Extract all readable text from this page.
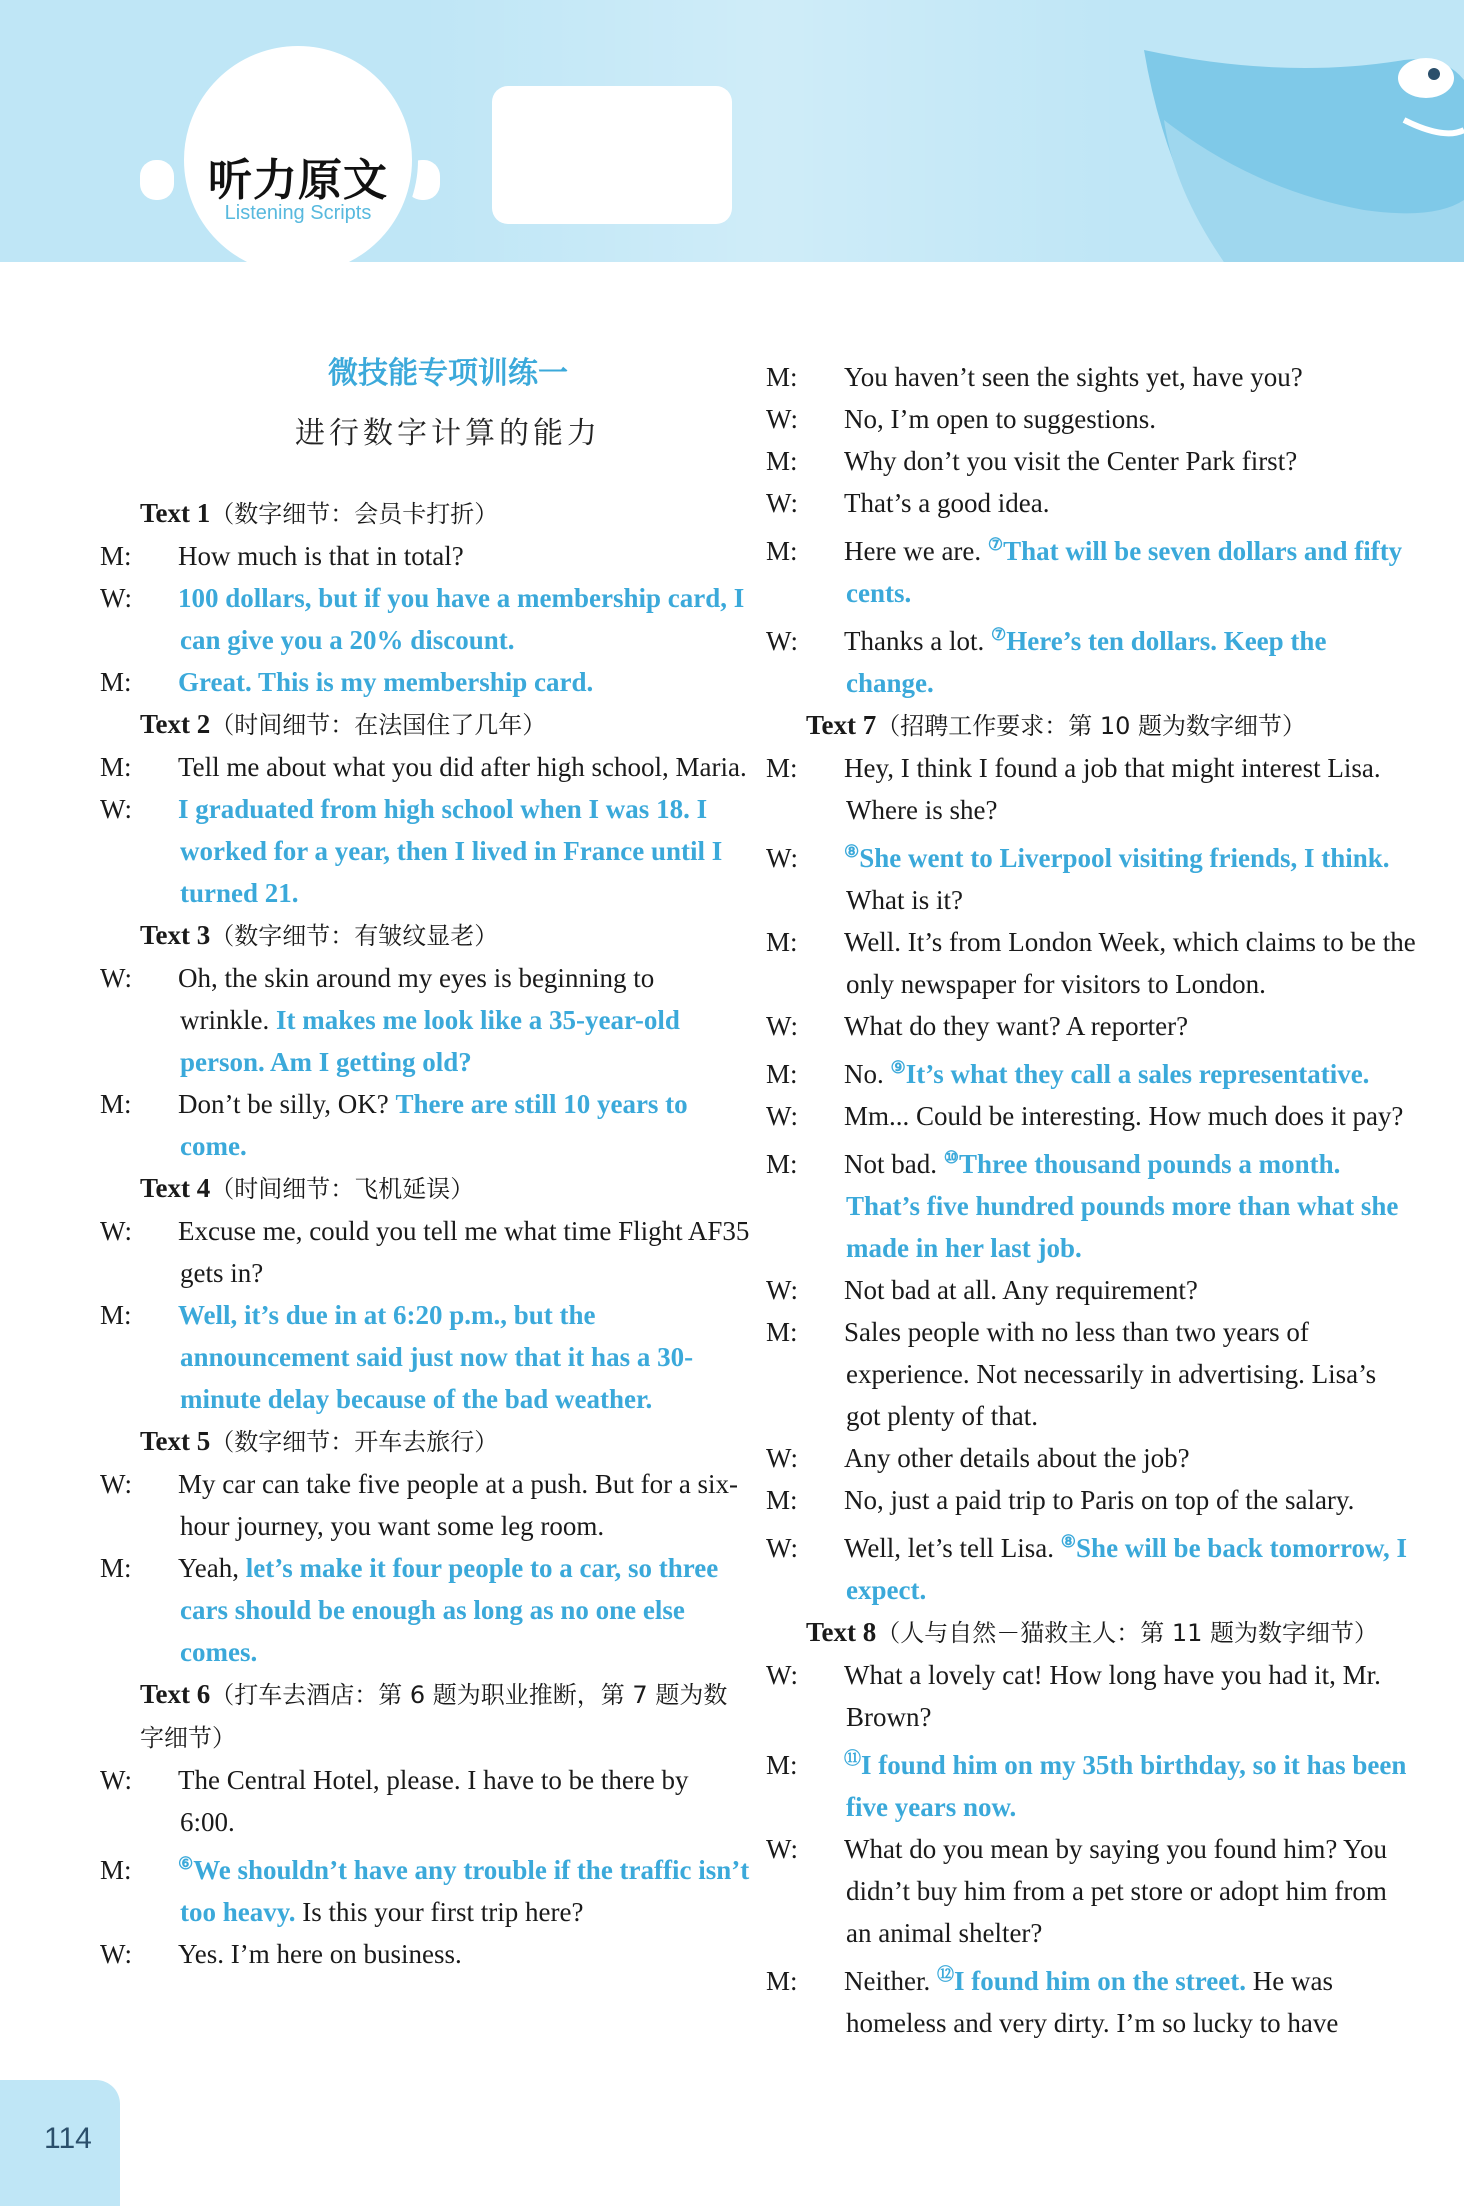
听力原文
Listening Scripts
微技能专项训练一
进行数字计算的能力
Text 1（数字细节：会员卡打折）
M: How much is that in total?
W: 100 dollars, but if you have a membership card, I can give you a 20% discount.
M: Great. This is my membership card.
Text 2（时间细节：在法国住了几年）
M: Tell me about what you did after high school, Maria.
W: I graduated from high school when I was 18. I worked for a year, then I lived in France until I turned 21.
Text 3（数字细节：有皱纹显老）
W: Oh, the skin around my eyes is beginning to wrinkle. It makes me look like a 35-year-old person. Am I getting old?
M: Don’t be silly, OK? There are still 10 years to come.
Text 4（时间细节：飞机延误）
W: Excuse me, could you tell me what time Flight AF35 gets in?
M: Well, it’s due in at 6:20 p.m., but the announcement said just now that it has a 30-minute delay because of the bad weather.
Text 5（数字细节：开车去旅行）
W: My car can take five people at a push. But for a six-hour journey, you want some leg room.
M: Yeah, let’s make it four people to a car, so three cars should be enough as long as no one else comes.
Text 6（打车去酒店：第 6 题为职业推断，第 7 题为数字细节）
W: The Central Hotel, please. I have to be there by 6:00.
M:	⑥We shouldn’t have any trouble if the traffic isn’t too heavy. Is this your first trip here?
W: Yes. I’m here on business.
M: You haven’t seen the sights yet, have you?
W: No, I’m open to suggestions.
M: Why don’t you visit the Center Park first?
W: That’s a good idea.
M: Here we are. ⑦That will be seven dollars and fifty cents.
W: Thanks a lot. ⑦Here’s ten dollars. Keep the change.
Text 7（招聘工作要求：第 10 题为数字细节）
M: Hey, I think I found a job that might interest Lisa. Where is she?
W:	⑧She went to Liverpool visiting friends, I think. What is it?
M: Well. It’s from London Week, which claims to be the only newspaper for visitors to London.
W: What do they want? A reporter?
M: No. ⑨It’s what they call a sales representative.
W: Mm... Could be interesting. How much does it pay?
M: Not bad. ⑩Three thousand pounds a month. That’s five hundred pounds more than what she made in her last job.
W: Not bad at all. Any requirement?
M: Sales people with no less than two years of experience. Not necessarily in advertising. Lisa’s got plenty of that.
W: Any other details about the job?
M: No, just a paid trip to Paris on top of the salary.
W: Well, let’s tell Lisa. ⑧She will be back tomorrow, I expect.
Text 8（人与自然－猫救主人：第 11 题为数字细节）
W: What a lovely cat! How long have you had it, Mr. Brown?
M:	⑪I found him on my 35th birthday, so it has been five years now.
W: What do you mean by saying you found him? You didn’t buy him from a pet store or adopt him from an animal shelter?
M: Neither. ⑫I found him on the street. He was homeless and very dirty. I’m so lucky to have
114
